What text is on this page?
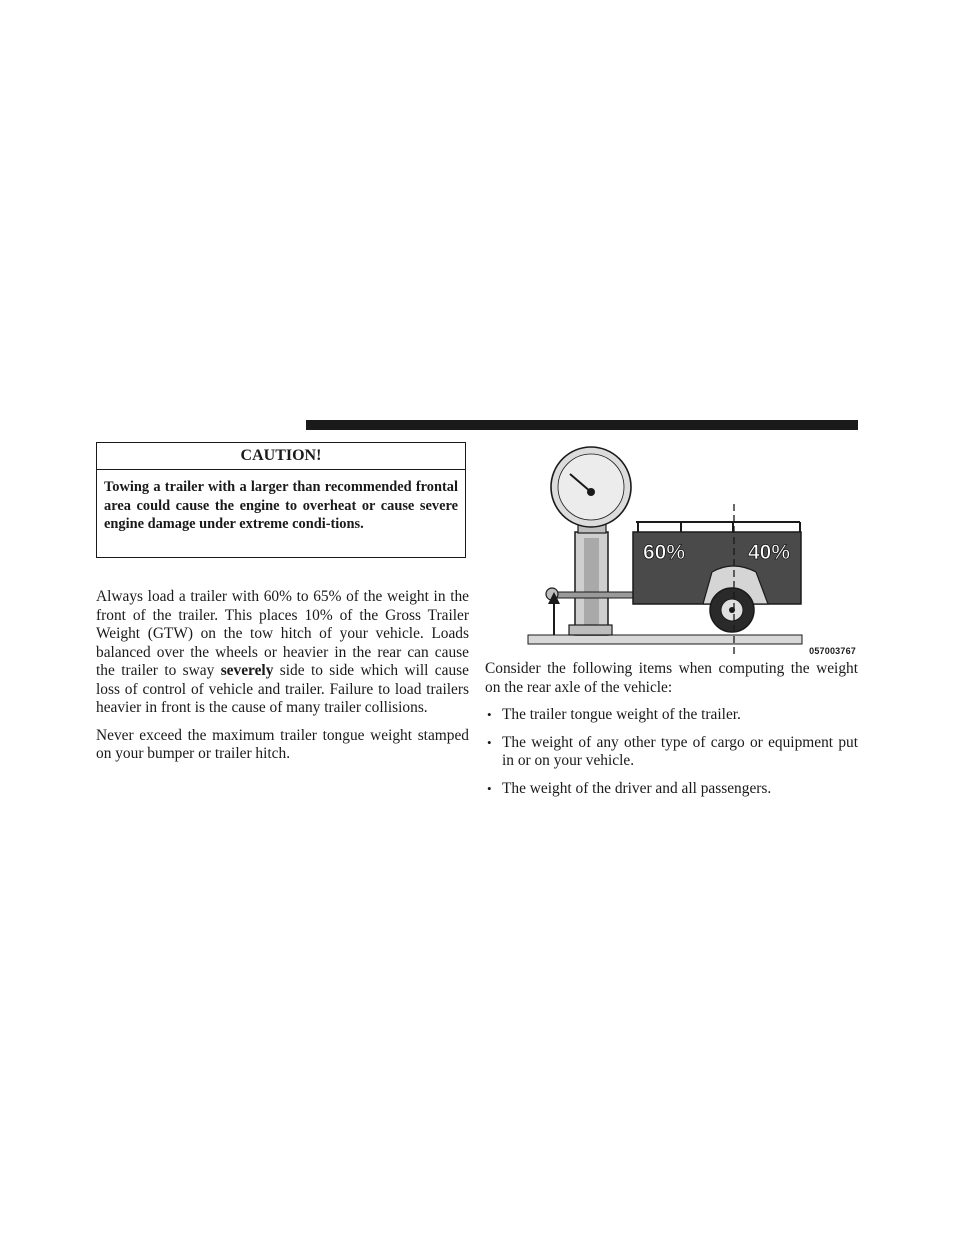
CAUTION!
Towing a trailer with a larger than recommended frontal area could cause the engine to overheat or cause severe engine damage under extreme condi-tions.

Always load a trailer with 60% to 65% of the weight in the front of the trailer. This places 10% of the Gross Trailer Weight (GTW) on the tow hitch of your vehicle. Loads balanced over the wheels or heavier in the rear can cause the trailer to sway severely side to side which will cause loss of control of vehicle and trailer. Failure to load trailers heavier in front is the cause of many trailer collisions.

Never exceed the maximum trailer tongue weight stamped on your bumper or trailer hitch.

60%	40%
057003767

Consider the following items when computing the weight on the rear axle of the vehicle:

• The trailer tongue weight of the trailer.
• The weight of any other type of cargo or equipment put in or on your vehicle.
• The weight of the driver and all passengers.
